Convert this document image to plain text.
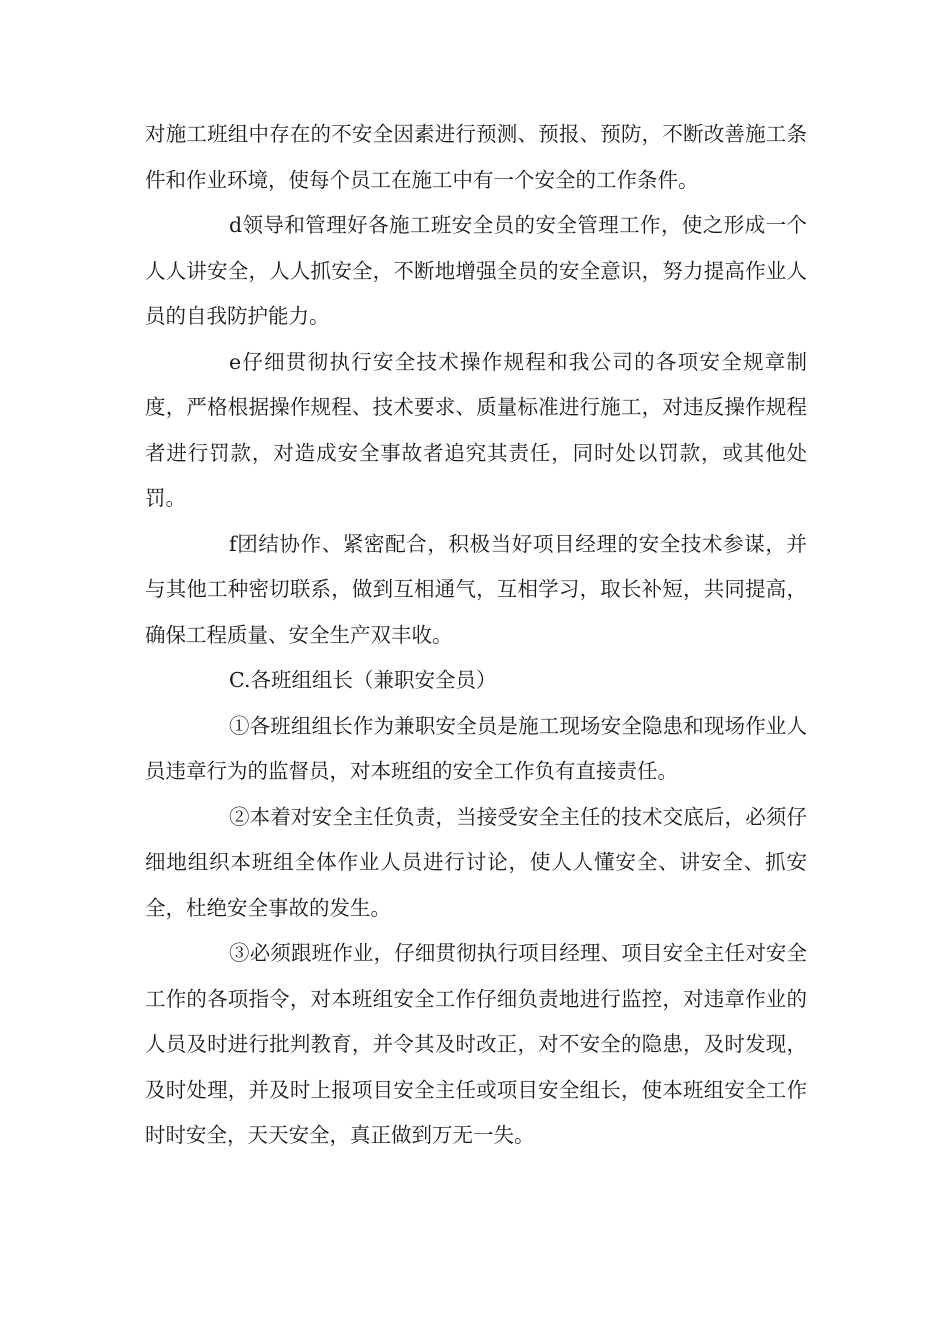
对施工班组中存在的不安全因素进行预测、预报、预防，不断改善施工条件和作业环境，使每个员工在施工中有一个安全的工作条件。

d领导和管理好各施工班安全员的安全管理工作，使之形成一个人人讲安全，人人抓安全，不断地增强全员的安全意识，努力提高作业人员的自我防护能力。

e仔细贯彻执行安全技术操作规程和我公司的各项安全规章制度，严格根据操作规程、技术要求、质量标准进行施工，对违反操作规程者进行罚款，对造成安全事故者追究其责任，同时处以罚款，或其他处罚。

f团结协作、紧密配合，积极当好项目经理的安全技术参谋，并与其他工种密切联系，做到互相通气，互相学习，取长补短，共同提高，确保工程质量、安全生产双丰收。

C.各班组组长（兼职安全员）

①各班组组长作为兼职安全员是施工现场安全隐患和现场作业人员违章行为的监督员，对本班组的安全工作负有直接责任。

②本着对安全主任负责，当接受安全主任的技术交底后，必须仔细地组织本班组全体作业人员进行讨论，使人人懂安全、讲安全、抓安全，杜绝安全事故的发生。

③必须跟班作业，仔细贯彻执行项目经理、项目安全主任对安全工作的各项指令，对本班组安全工作仔细负责地进行监控，对违章作业的人员及时进行批判教育，并令其及时改正，对不安全的隐患，及时发现，及时处理，并及时上报项目安全主任或项目安全组长，使本班组安全工作时时安全，天天安全，真正做到万无一失。
